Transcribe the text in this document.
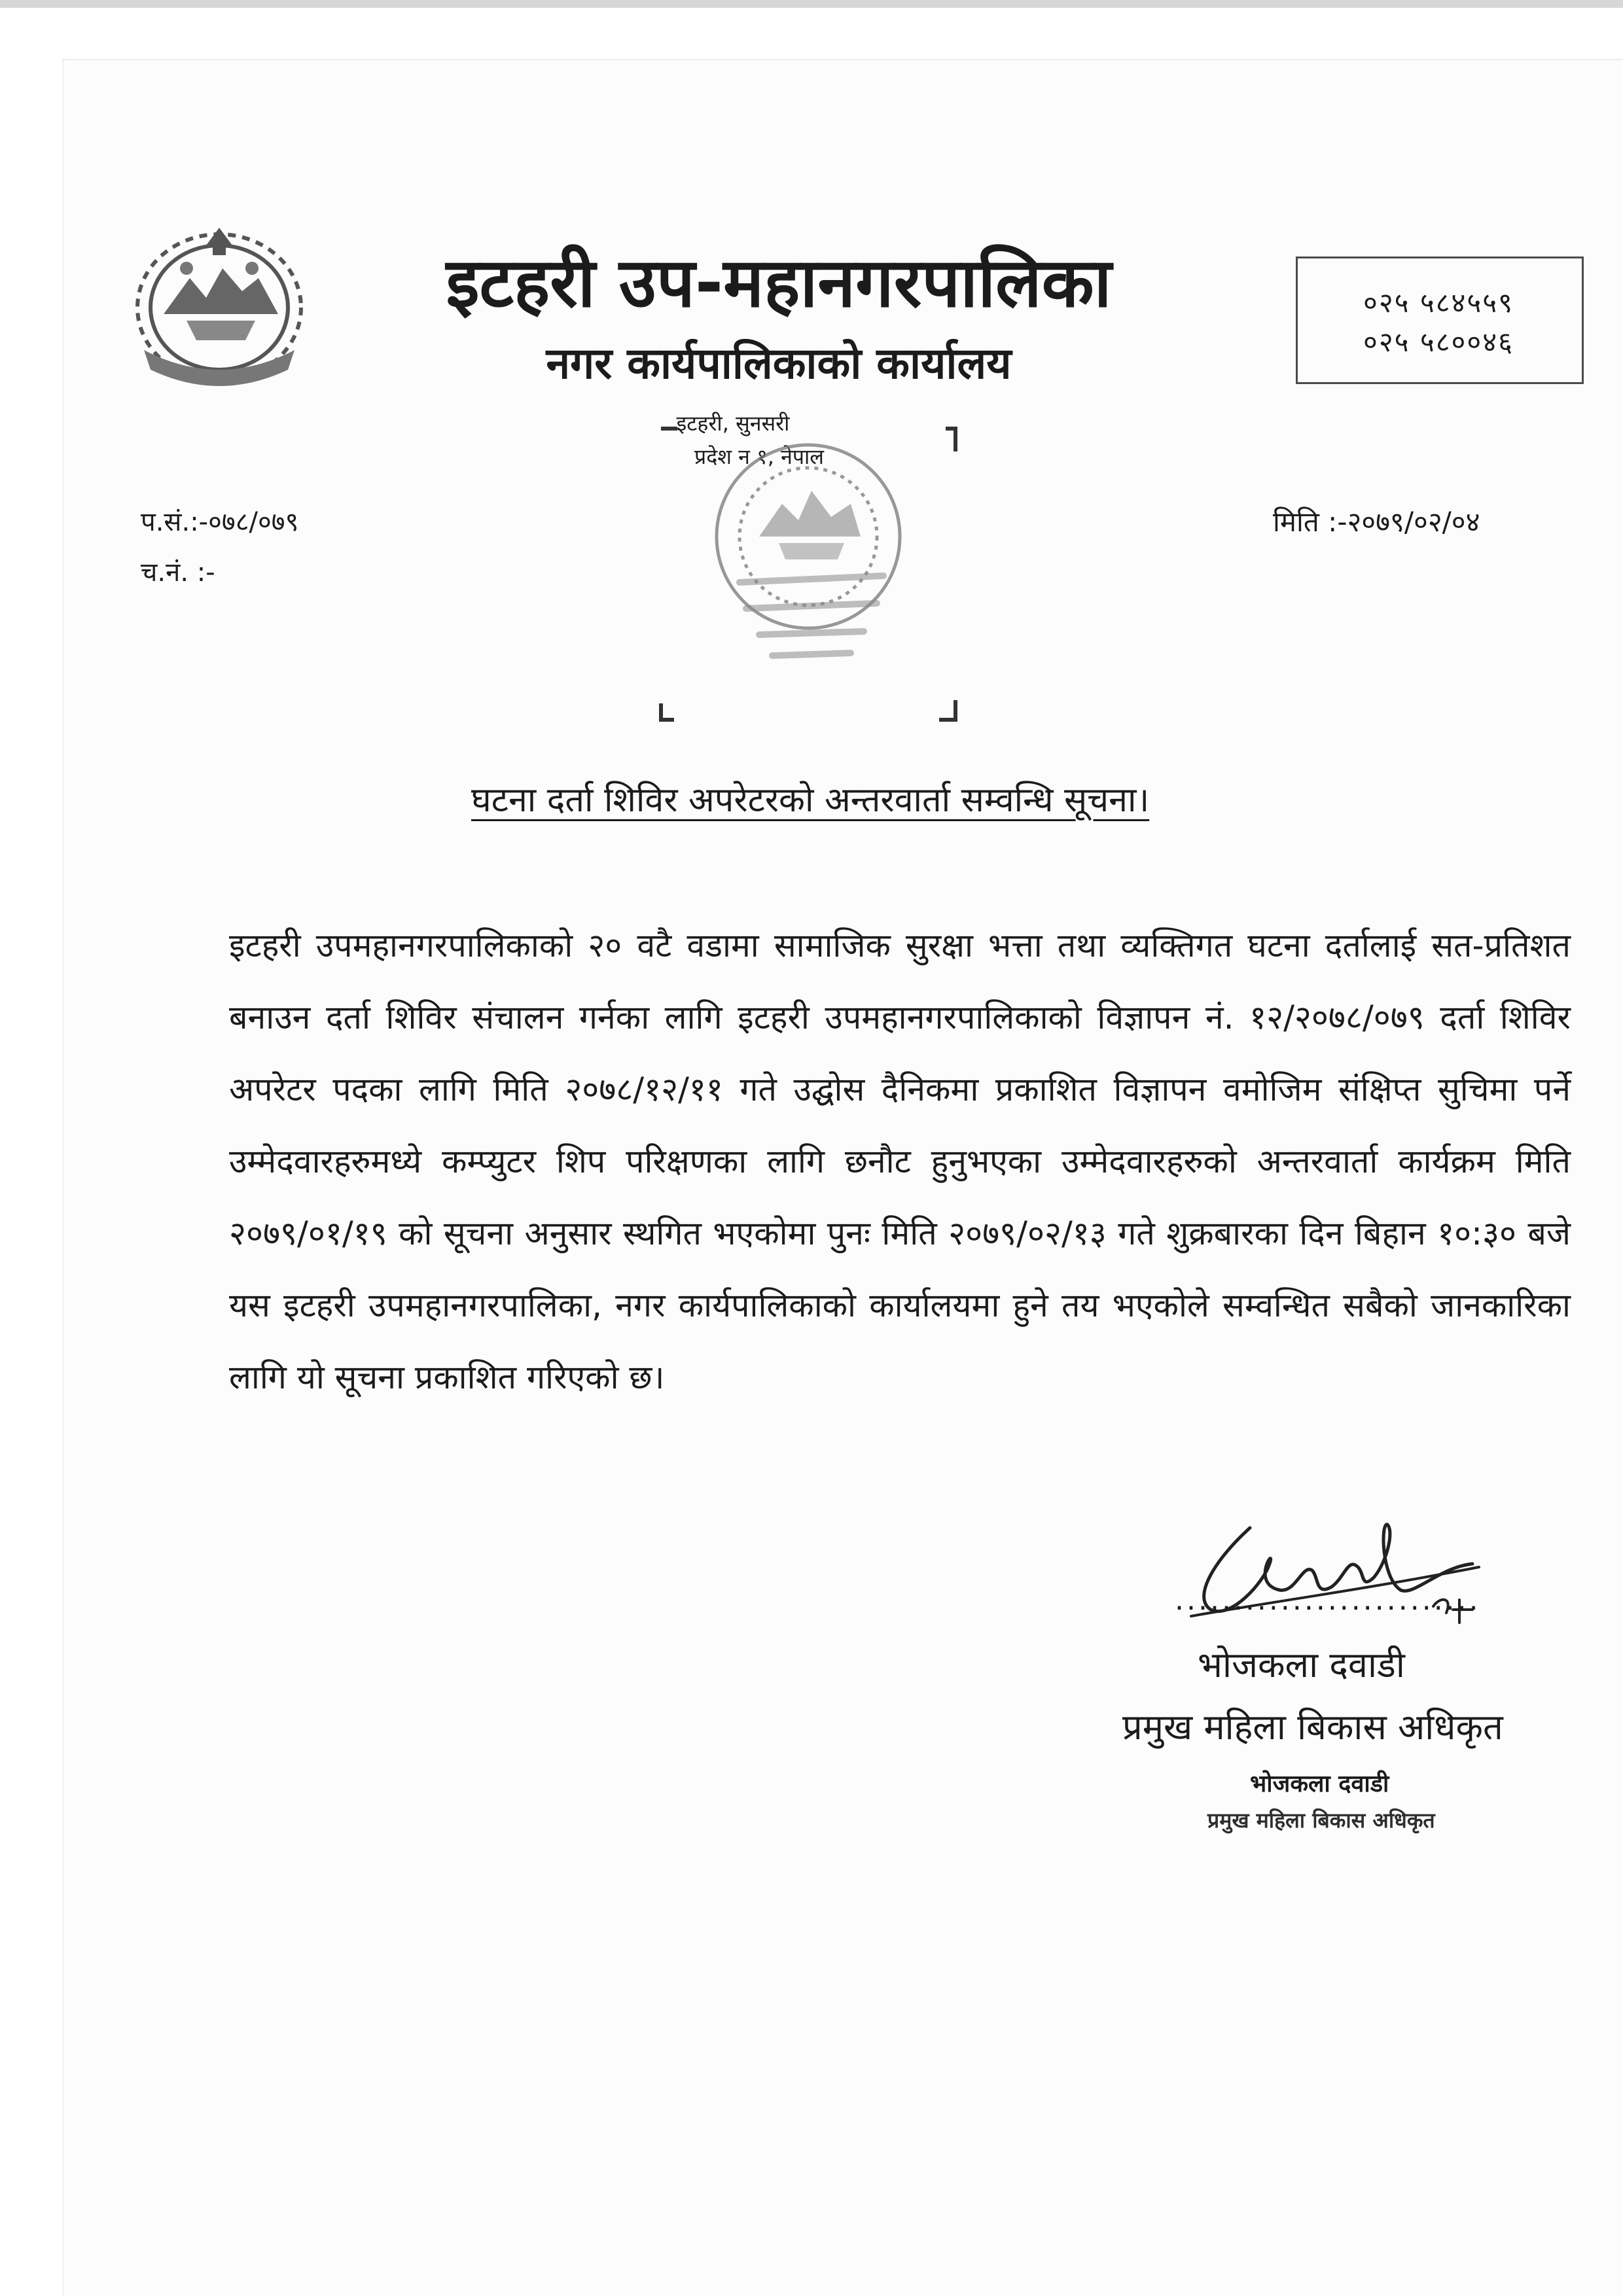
इटहरी उप-महानगरपालिका
नगर कार्यपालिकाको कार्यालय
इटहरी, सुनसरी
प्रदेश न १, नेपाल
०२५ ५८४५५९
०२५ ५८००४६
प.सं.:-०७८/०७९
च.नं. :-
मिति :-२०७९/०२/०४
घटना दर्ता शिविर अपरेटरको अन्तरवार्ता सम्वन्धि सूचना।
इटहरी उपमहानगरपालिकाको २० वटै वडामा सामाजिक सुरक्षा भत्ता तथा व्यक्तिगत घटना दर्तालाई सत-प्रतिशत बनाउन दर्ता शिविर संचालन गर्नका लागि इटहरी उपमहानगरपालिकाको विज्ञापन नं. १२/२०७८/०७९ दर्ता शिविर अपरेटर पदका लागि मिति २०७८/१२/११ गते उद्घोस दैनिकमा प्रकाशित विज्ञापन वमोजिम संक्षिप्त सुचिमा पर्ने उम्मेदवारहरुमध्ये कम्प्युटर शिप परिक्षणका लागि छनौट हुनुभएका उम्मेदवारहरुको अन्तरवार्ता कार्यक्रम मिति २०७९/०१/१९ को सूचना अनुसार स्थगित भएकोमा पुनः मिति २०७९/०२/१३ गते शुक्रबारका दिन बिहान १०:३० बजे यस इटहरी उपमहानगरपालिका, नगर कार्यपालिकाको कार्यालयमा हुने तय भएकोले सम्वन्धित सबैको जानकारिका लागि यो सूचना प्रकाशित गरिएको छ।
..........................
भोजकला दवाडी
प्रमुख महिला बिकास अधिकृत
भोजकला दवाडी
प्रमुख महिला बिकास अधिकृत
